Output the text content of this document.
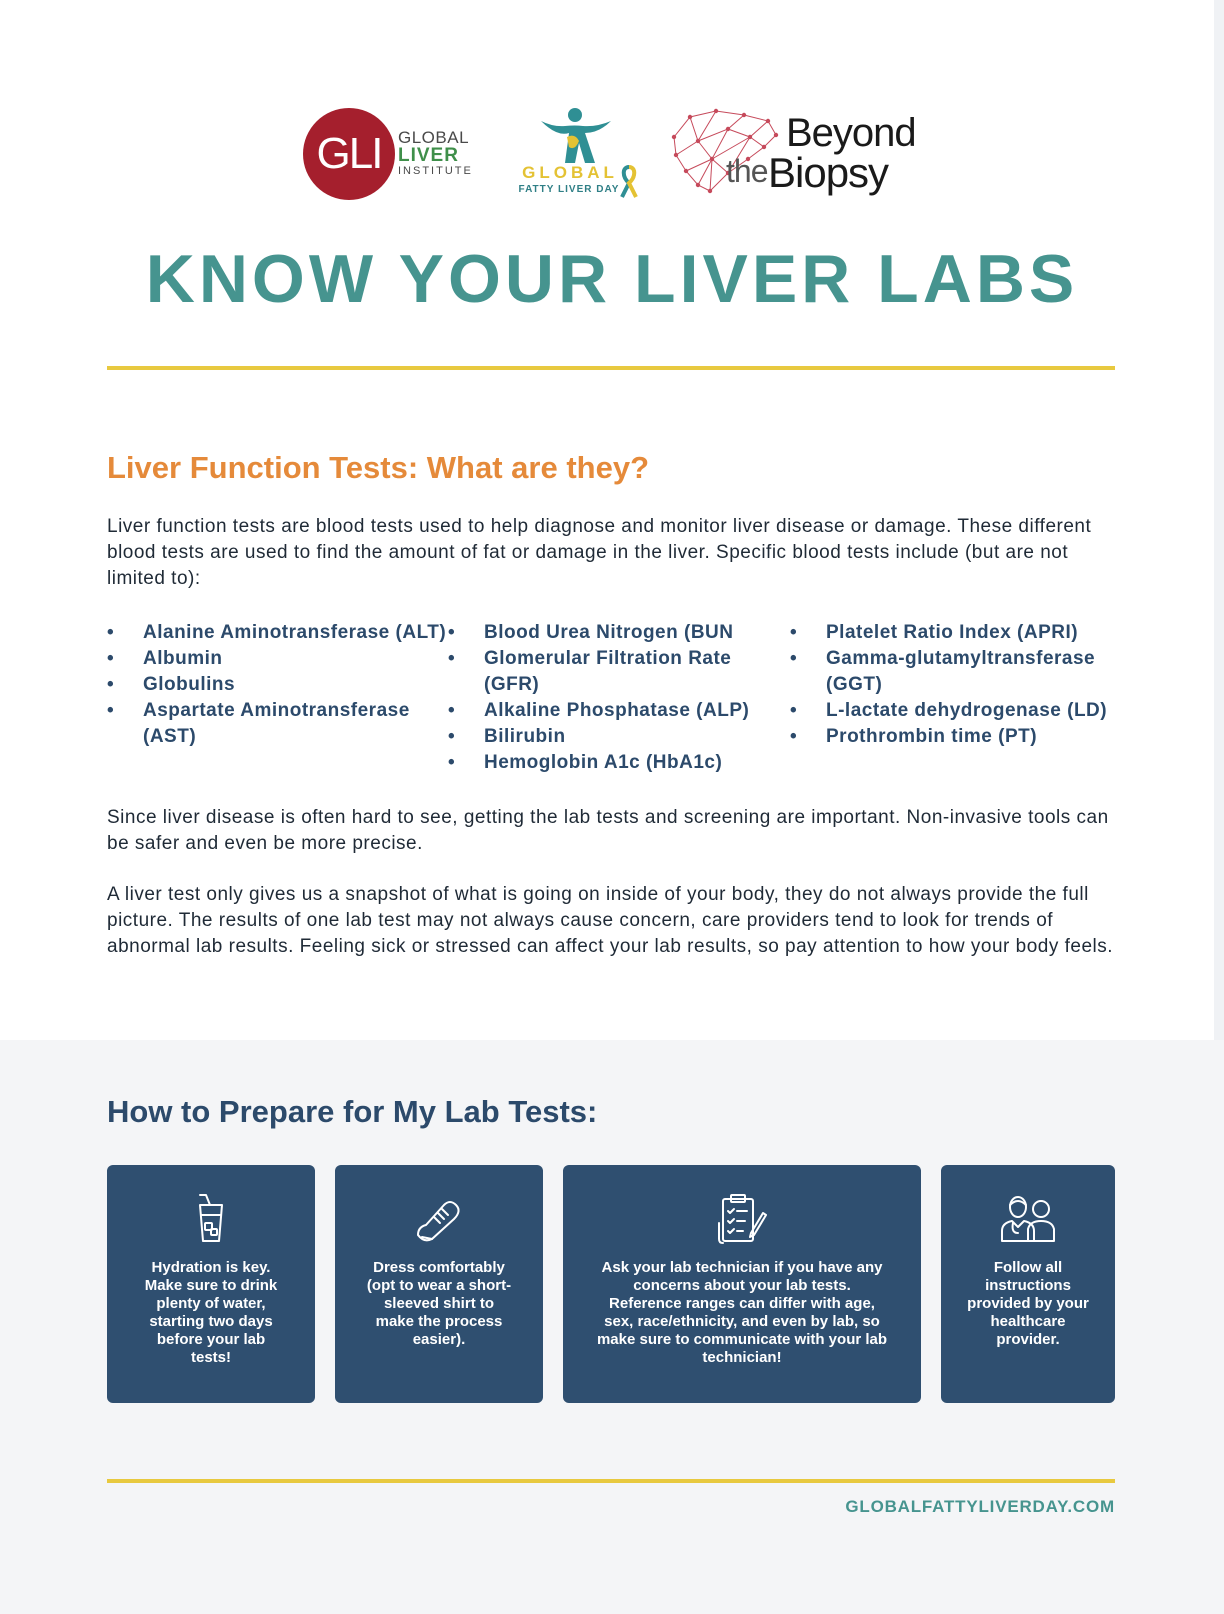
GLI GLOBAL
LIVER
INSTITUTE	GLOBAL
FATTY LIVER DAY
Beyond
the Biopsy
KNOW YOUR LIVER LABS
Liver Function Tests: What are they?

Liver function tests are blood tests used to help diagnose and monitor liver disease or damage. These different blood tests are used to find the amount of fat or damage in the liver. Specific blood tests include (but are not limited to):

• Alanine Aminotransferase (ALT)
• Albumin
• Globulins
• Aspartate Aminotransferase (AST)
• Blood Urea Nitrogen (BUN
• Glomerular Filtration Rate (GFR)
• Alkaline Phosphatase (ALP)
• Bilirubin
• Hemoglobin A1c (HbA1c)
• Platelet Ratio Index (APRI)
• Gamma-glutamyltransferase (GGT)
• L-lactate dehydrogenase (LD)
• Prothrombin time (PT)

Since liver disease is often hard to see, getting the lab tests and screening are important. Non-invasive tools can be safer and even be more precise.

A liver test only gives us a snapshot of what is going on inside of your body, they do not always provide the full picture. The results of one lab test may not always cause concern, care providers tend to look for trends of abnormal lab results. Feeling sick or stressed can affect your lab results, so pay attention to how your body feels.

How to Prepare for My Lab Tests:
Hydration is key. Make sure to drink plenty of water, starting two days before your lab tests!
Dress comfortably (opt to wear a short-sleeved shirt to make the process easier).
Ask your lab technician if you have any concerns about your lab tests. Reference ranges can differ with age, sex, race/ethnicity, and even by lab, so make sure to communicate with your lab technician!
Follow all instructions provided by your healthcare provider.
GLOBALFATTYLIVERDAY.COM
